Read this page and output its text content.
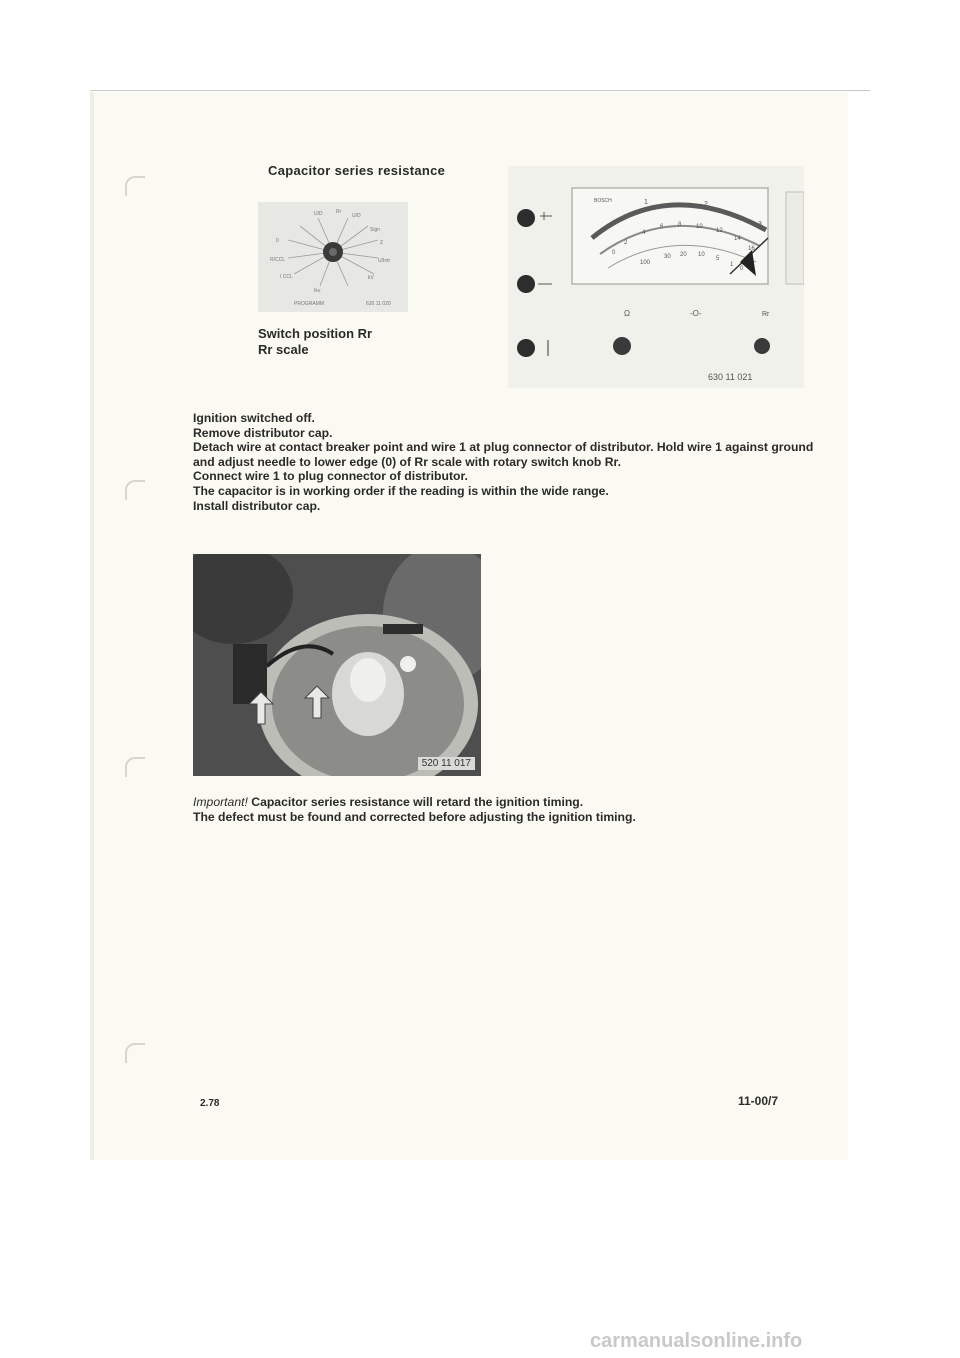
Capacitor series resistance
U/D	Rr
U/D
Sign
0	Z
R/CCL	U/Intr
I CCL	kV
Ikv
PROGRAMM	630 11 020
Switch position Rr
Rr scale
BOSCH	1	2
3
2
4
6 8 10
12
14
16
0
100
30 20 10
5
1
0
Ω	-O-	Rr
630 11 021
Ignition switched off.
Remove distributor cap.
Detach wire at contact breaker point and wire 1 at plug connector of distributor. Hold wire 1 against ground and adjust needle to lower edge (0) of Rr scale with rotary switch knob Rr.
Connect wire 1 to plug connector of distributor.
The capacitor is in working order if the reading is within the wide range.
Install distributor cap.
520 11 017
Important! Capacitor series resistance will retard the ignition timing.
The defect must be found and corrected before adjusting the ignition timing.
2.78	11-00/7
carmanualsonline.info
